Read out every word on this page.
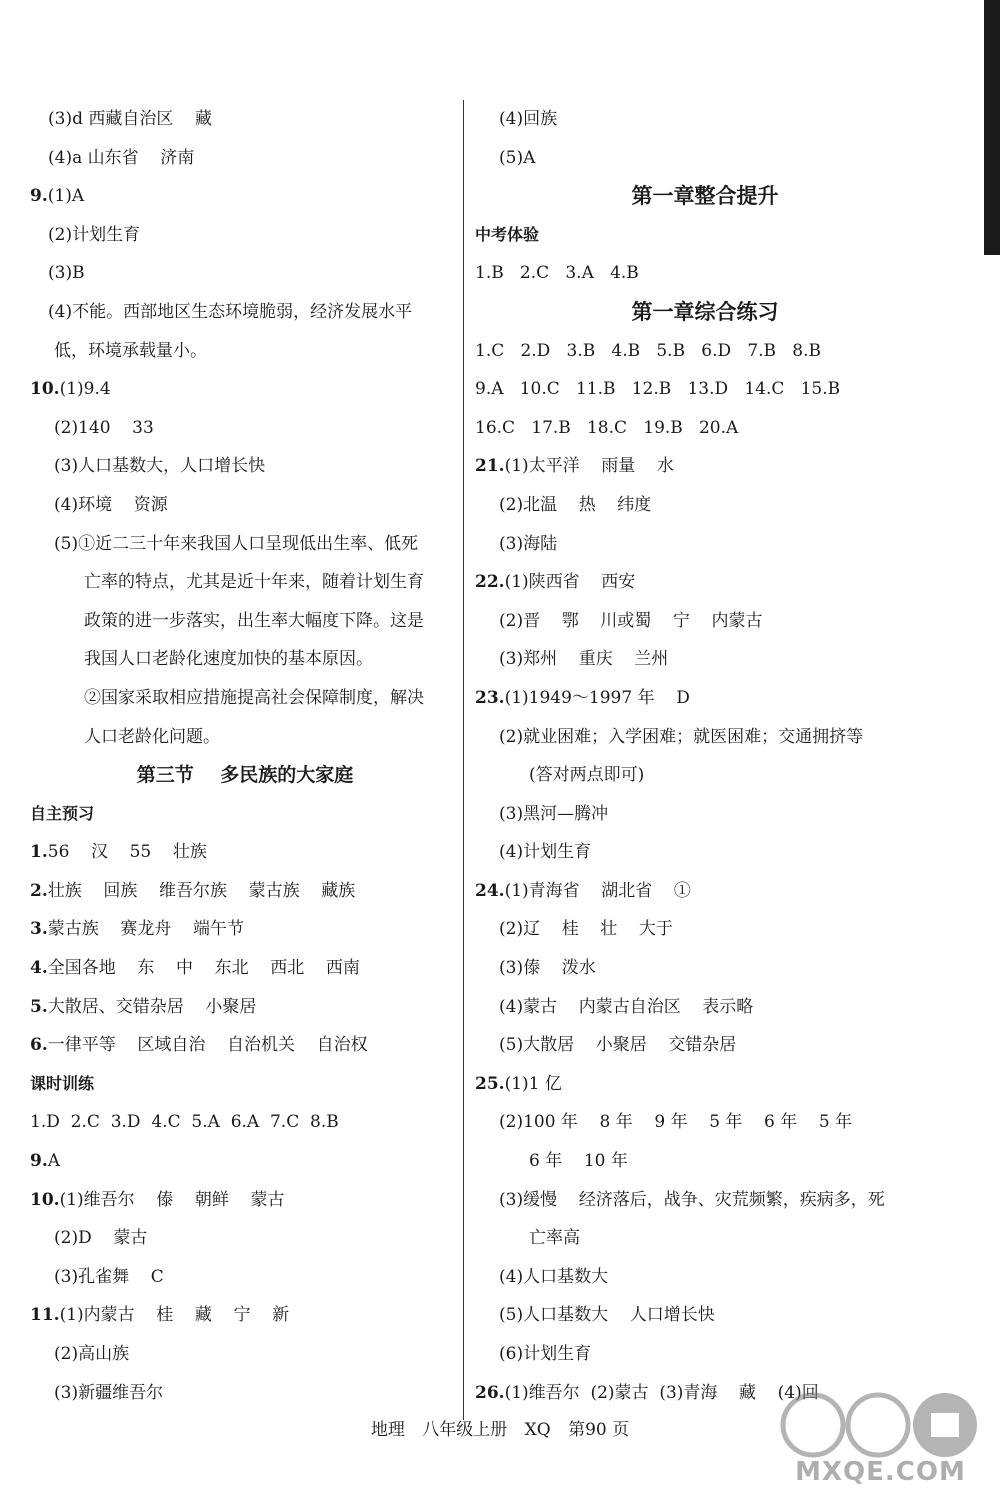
(3)d 西藏自治区    藏
(4)a 山东省    济南
9.(1)A
(2)计划生育
(3)B
(4)不能。西部地区生态环境脆弱，经济发展水平
低，环境承载量小。
10.(1)9.4
(2)140    33
(3)人口基数大，人口增长快
(4)环境    资源
(5)①近二三十年来我国人口呈现低出生率、低死
亡率的特点，尤其是近十年来，随着计划生育
政策的进一步落实，出生率大幅度下降。这是
我国人口老龄化速度加快的基本原因。
②国家采取相应措施提高社会保障制度，解决
人口老龄化问题。
第三节    多民族的大家庭
自主预习
1.56    汉    55    壮族
2.壮族    回族    维吾尔族    蒙古族    藏族
3.蒙古族    赛龙舟    端午节
4.全国各地    东    中    东北    西北    西南
5.大散居、交错杂居    小聚居
6.一律平等    区域自治    自治机关    自治权
课时训练
1.D  2.C  3.D  4.C  5.A  6.A  7.C  8.B
9.A
10.(1)维吾尔    傣    朝鲜    蒙古
(2)D    蒙古
(3)孔雀舞    C
11.(1)内蒙古    桂    藏    宁    新
(2)高山族
(3)新疆维吾尔
(4)回族
(5)A
第一章整合提升
中考体验
1.B   2.C   3.A   4.B
第一章综合练习
1.C   2.D   3.B   4.B   5.B   6.D   7.B   8.B
9.A   10.C   11.B   12.B   13.D   14.C   15.B
16.C   17.B   18.C   19.B   20.A
21.(1)太平洋    雨量    水
(2)北温    热    纬度
(3)海陆
22.(1)陕西省    西安
(2)晋    鄂    川或蜀    宁    内蒙古
(3)郑州    重庆    兰州
23.(1)1949～1997 年    D
(2)就业困难；入学困难；就医困难；交通拥挤等
(答对两点即可)
(3)黑河—腾冲
(4)计划生育
24.(1)青海省    湖北省    ①
(2)辽    桂    壮    大于
(3)傣    泼水
(4)蒙古    内蒙古自治区    表示略
(5)大散居    小聚居    交错杂居
25.(1)1 亿
(2)100 年    8 年    9 年    5 年    6 年    5 年
6 年    10 年
(3)缓慢    经济落后，战争、灾荒频繁，疾病多，死
亡率高
(4)人口基数大
(5)人口基数大    人口增长快
(6)计划生育
26.(1)维吾尔  (2)蒙古  (3)青海    藏    (4)回
地理 八年级上册 XQ 第90 页
MXQE.COM
